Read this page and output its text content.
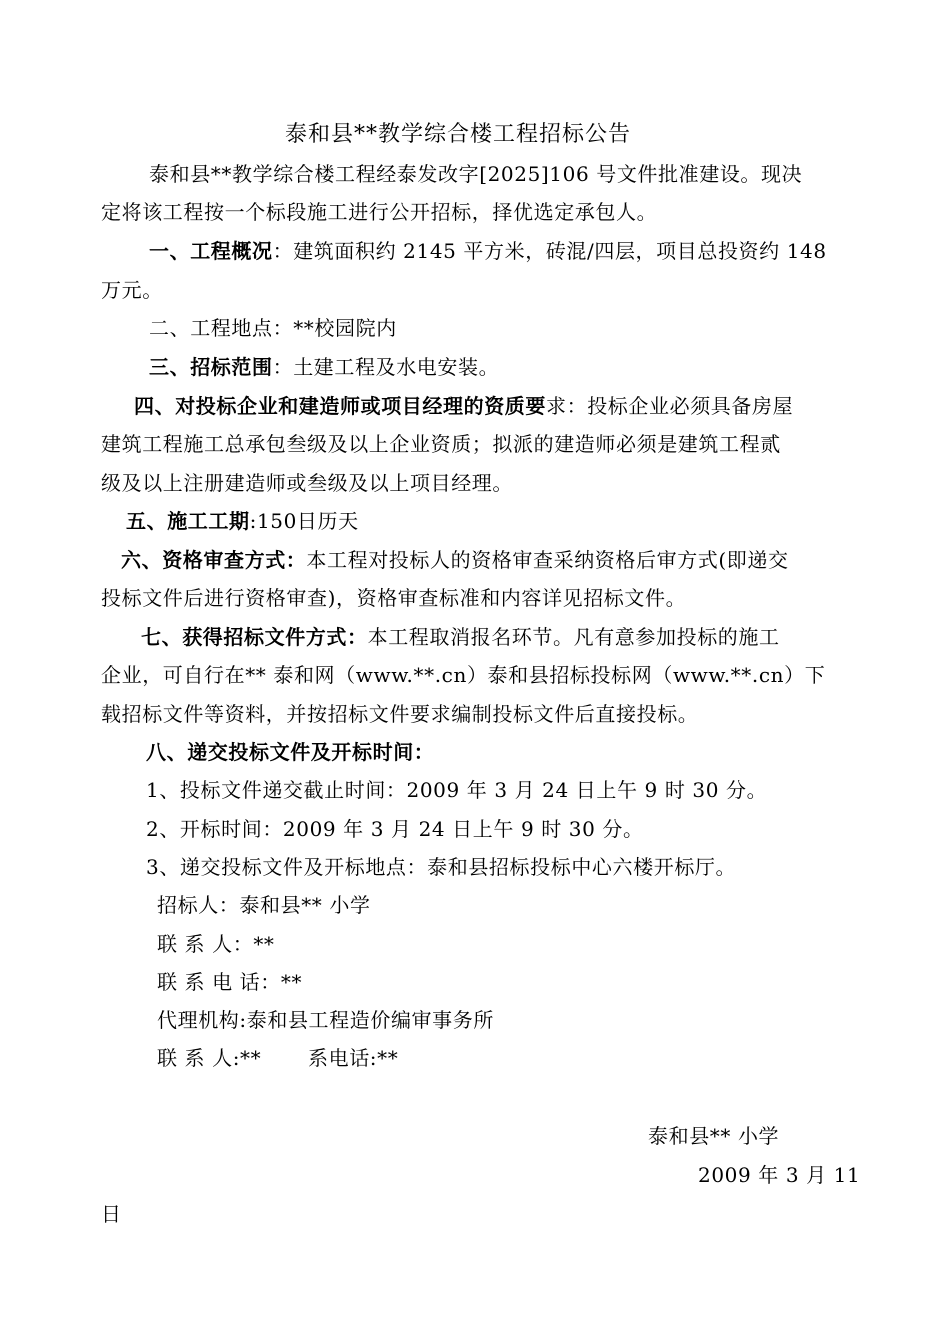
泰和县**教学综合楼工程招标公告
泰和县**教学综合楼工程经泰发改字[2025]106 号文件批准建设。现决
定将该工程按一个标段施工进行公开招标，择优选定承包人。
一、工程概况：建筑面积约 2145 平方米，砖混/四层，项目总投资约 148
万元。
二、工程地点：**校园院内
三、招标范围：土建工程及水电安装。
四、对投标企业和建造师或项目经理的资质要求：投标企业必须具备房屋
建筑工程施工总承包叁级及以上企业资质；拟派的建造师必须是建筑工程贰
级及以上注册建造师或叁级及以上项目经理。
五、施工工期:150日历天
六、资格审查方式：本工程对投标人的资格审查采纳资格后审方式(即递交
投标文件后进行资格审查)，资格审查标准和内容详见招标文件。
七、获得招标文件方式：本工程取消报名环节。凡有意参加投标的施工
企业，可自行在** 泰和网（www.**.cn）泰和县招标投标网（www.**.cn）下
载招标文件等资料，并按招标文件要求编制投标文件后直接投标。
八、递交投标文件及开标时间：
1、投标文件递交截止时间：2009 年 3 月 24 日上午 9 时 30 分。
2、开标时间：2009 年 3 月 24 日上午 9 时 30 分。
3、递交投标文件及开标地点：泰和县招标投标中心六楼开标厅。
招标人：泰和县** 小学
联 系 人：**
联 系 电 话：**
代理机构:泰和县工程造价编审事务所
联 系 人:** 系电话:**
泰和县** 小学
2009 年 3 月 11
日
